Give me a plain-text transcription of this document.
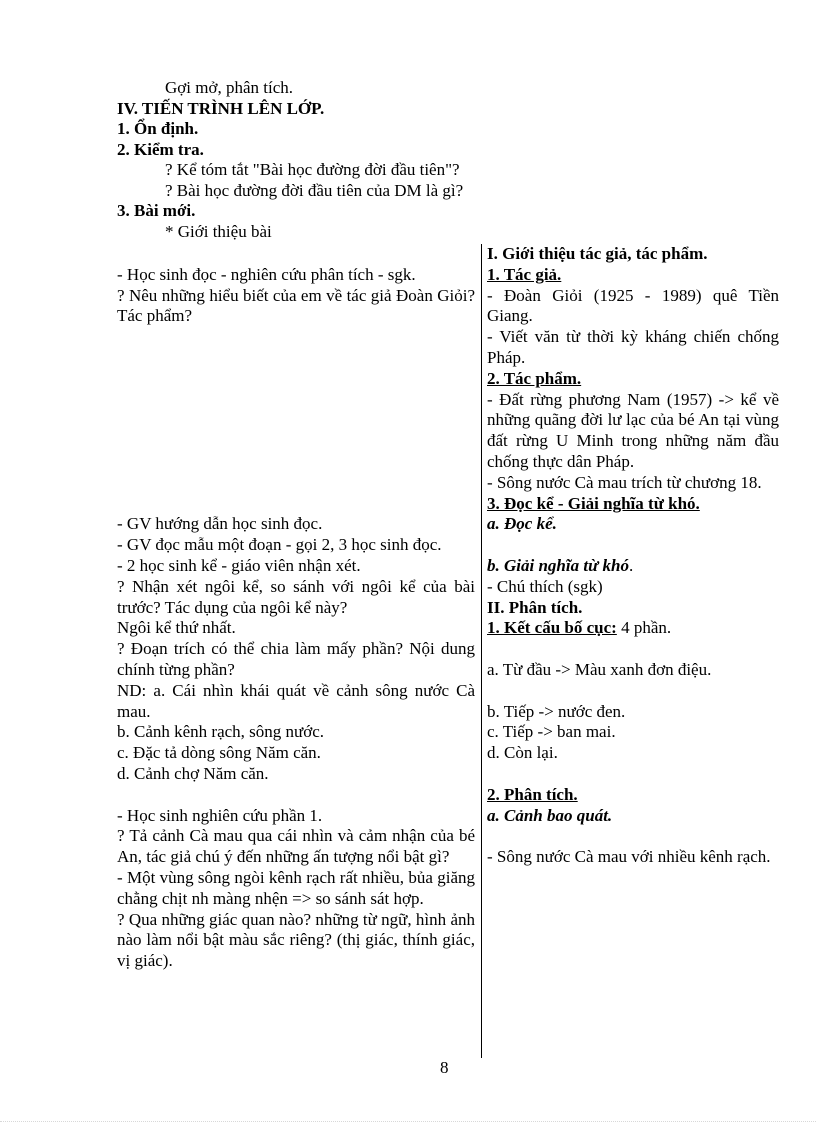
Gợi mở, phân tích.
IV. TIẾN TRÌNH LÊN LỚP.
1. Ổn định.
2. Kiểm tra.
? Kể tóm tắt "Bài học đường đời đầu tiên"?
? Bài học đường đời đầu tiên của DM là gì?
3. Bài mới.
* Giới thiệu bài
- Học sinh đọc - nghiên cứu phân tích - sgk.
? Nêu những hiểu biết của em về tác giả Đoàn Giỏi? Tác phẩm?
- GV hướng dẫn học sinh đọc.
- GV đọc mẫu một đoạn - gọi 2, 3 học sinh đọc.
- 2 học sinh kể - giáo viên nhận xét.
? Nhận xét ngôi kể, so sánh với ngôi kể của bài trước? Tác dụng của ngôi kể này?
Ngôi kể thứ nhất.
? Đoạn trích có thể chia làm mấy phần? Nội dung chính từng phần?
ND: a. Cái nhìn khái quát về cảnh sông nước Cà mau.
b. Cảnh kênh rạch, sông nước.
c. Đặc tả dòng sông Năm căn.
d. Cảnh chợ Năm căn.
- Học sinh nghiên cứu phần 1.
? Tả cảnh Cà mau qua cái nhìn và cảm nhận của bé An, tác giả chú ý đến những ấn tượng nổi bật gì?
- Một vùng sông ngòi kênh rạch rất nhiều, bủa giăng chằng chịt nh màng nhện => so sánh sát hợp.
? Qua những giác quan nào? những từ ngữ, hình ảnh nào làm nổi bật màu sắc riêng? (thị giác, thính giác, vị giác).
I. Giới thiệu tác giả, tác phẩm.
1. Tác giả.
- Đoàn Giỏi (1925 - 1989) quê Tiền Giang.
- Viết văn từ thời kỳ kháng chiến chống Pháp.
2. Tác phẩm.
- Đất rừng phương Nam (1957) -> kể về những quãng đời lư lạc của bé An tại vùng đất rừng U Minh trong những năm đầu chống thực dân Pháp.
- Sông nước Cà mau trích từ chương 18.
3. Đọc kể - Giải nghĩa từ khó.
a. Đọc kể.
b. Giải nghĩa từ khó.
- Chú thích (sgk)
II. Phân tích.
1. Kết cấu bố cục: 4 phần.
a. Từ đầu -> Màu xanh đơn điệu.
b. Tiếp -> nước đen.
c. Tiếp -> ban mai.
d. Còn lại.
2. Phân tích.
a. Cảnh bao quát.
- Sông nước Cà mau với nhiều kênh rạch.
8
